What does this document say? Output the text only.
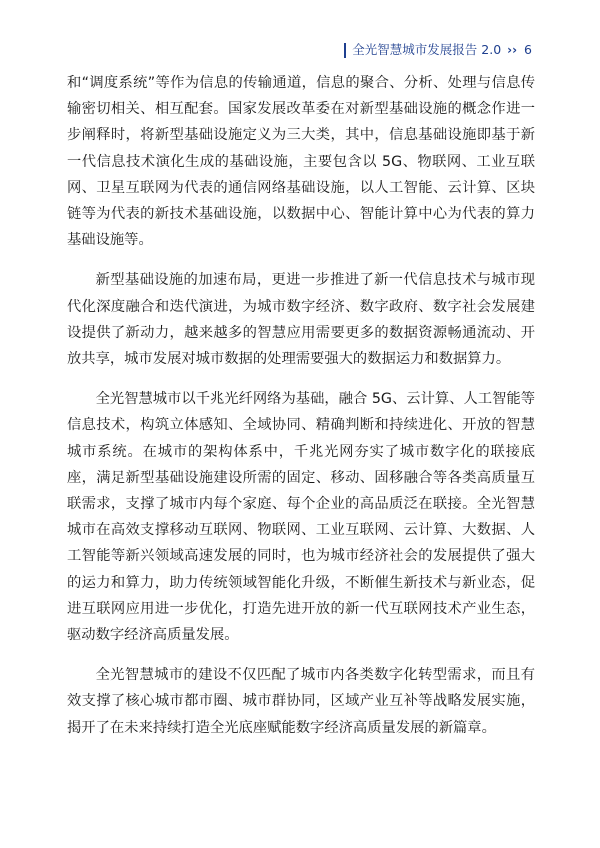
全光智慧城市发展报告 2.0 ›› 6

和“调度系统”等作为信息的传输通道，信息的聚合、分析、处理与信息传输密切相关、相互配套。国家发展改革委在对新型基础设施的概念作进一步阐释时，将新型基础设施定义为三大类，其中，信息基础设施即基于新一代信息技术演化生成的基础设施，主要包含以 5G、物联网、工业互联网、卫星互联网为代表的通信网络基础设施，以人工智能、云计算、区块链等为代表的新技术基础设施，以数据中心、智能计算中心为代表的算力基础设施等。

新型基础设施的加速布局，更进一步推进了新一代信息技术与城市现代化深度融合和迭代演进，为城市数字经济、数字政府、数字社会发展建设提供了新动力，越来越多的智慧应用需要更多的数据资源畅通流动、开放共享，城市发展对城市数据的处理需要强大的数据运力和数据算力。

全光智慧城市以千兆光纤网络为基础，融合 5G、云计算、人工智能等信息技术，构筑立体感知、全域协同、精确判断和持续进化、开放的智慧城市系统。在城市的架构体系中，千兆光网夯实了城市数字化的联接底座，满足新型基础设施建设所需的固定、移动、固移融合等各类高质量互联需求，支撑了城市内每个家庭、每个企业的高品质泛在联接。全光智慧城市在高效支撑移动互联网、物联网、工业互联网、云计算、大数据、人工智能等新兴领域高速发展的同时，也为城市经济社会的发展提供了强大的运力和算力，助力传统领域智能化升级，不断催生新技术与新业态，促进互联网应用进一步优化，打造先进开放的新一代互联网技术产业生态，驱动数字经济高质量发展。

全光智慧城市的建设不仅匹配了城市内各类数字化转型需求，而且有效支撑了核心城市都市圈、城市群协同，区域产业互补等战略发展实施，揭开了在未来持续打造全光底座赋能数字经济高质量发展的新篇章。
